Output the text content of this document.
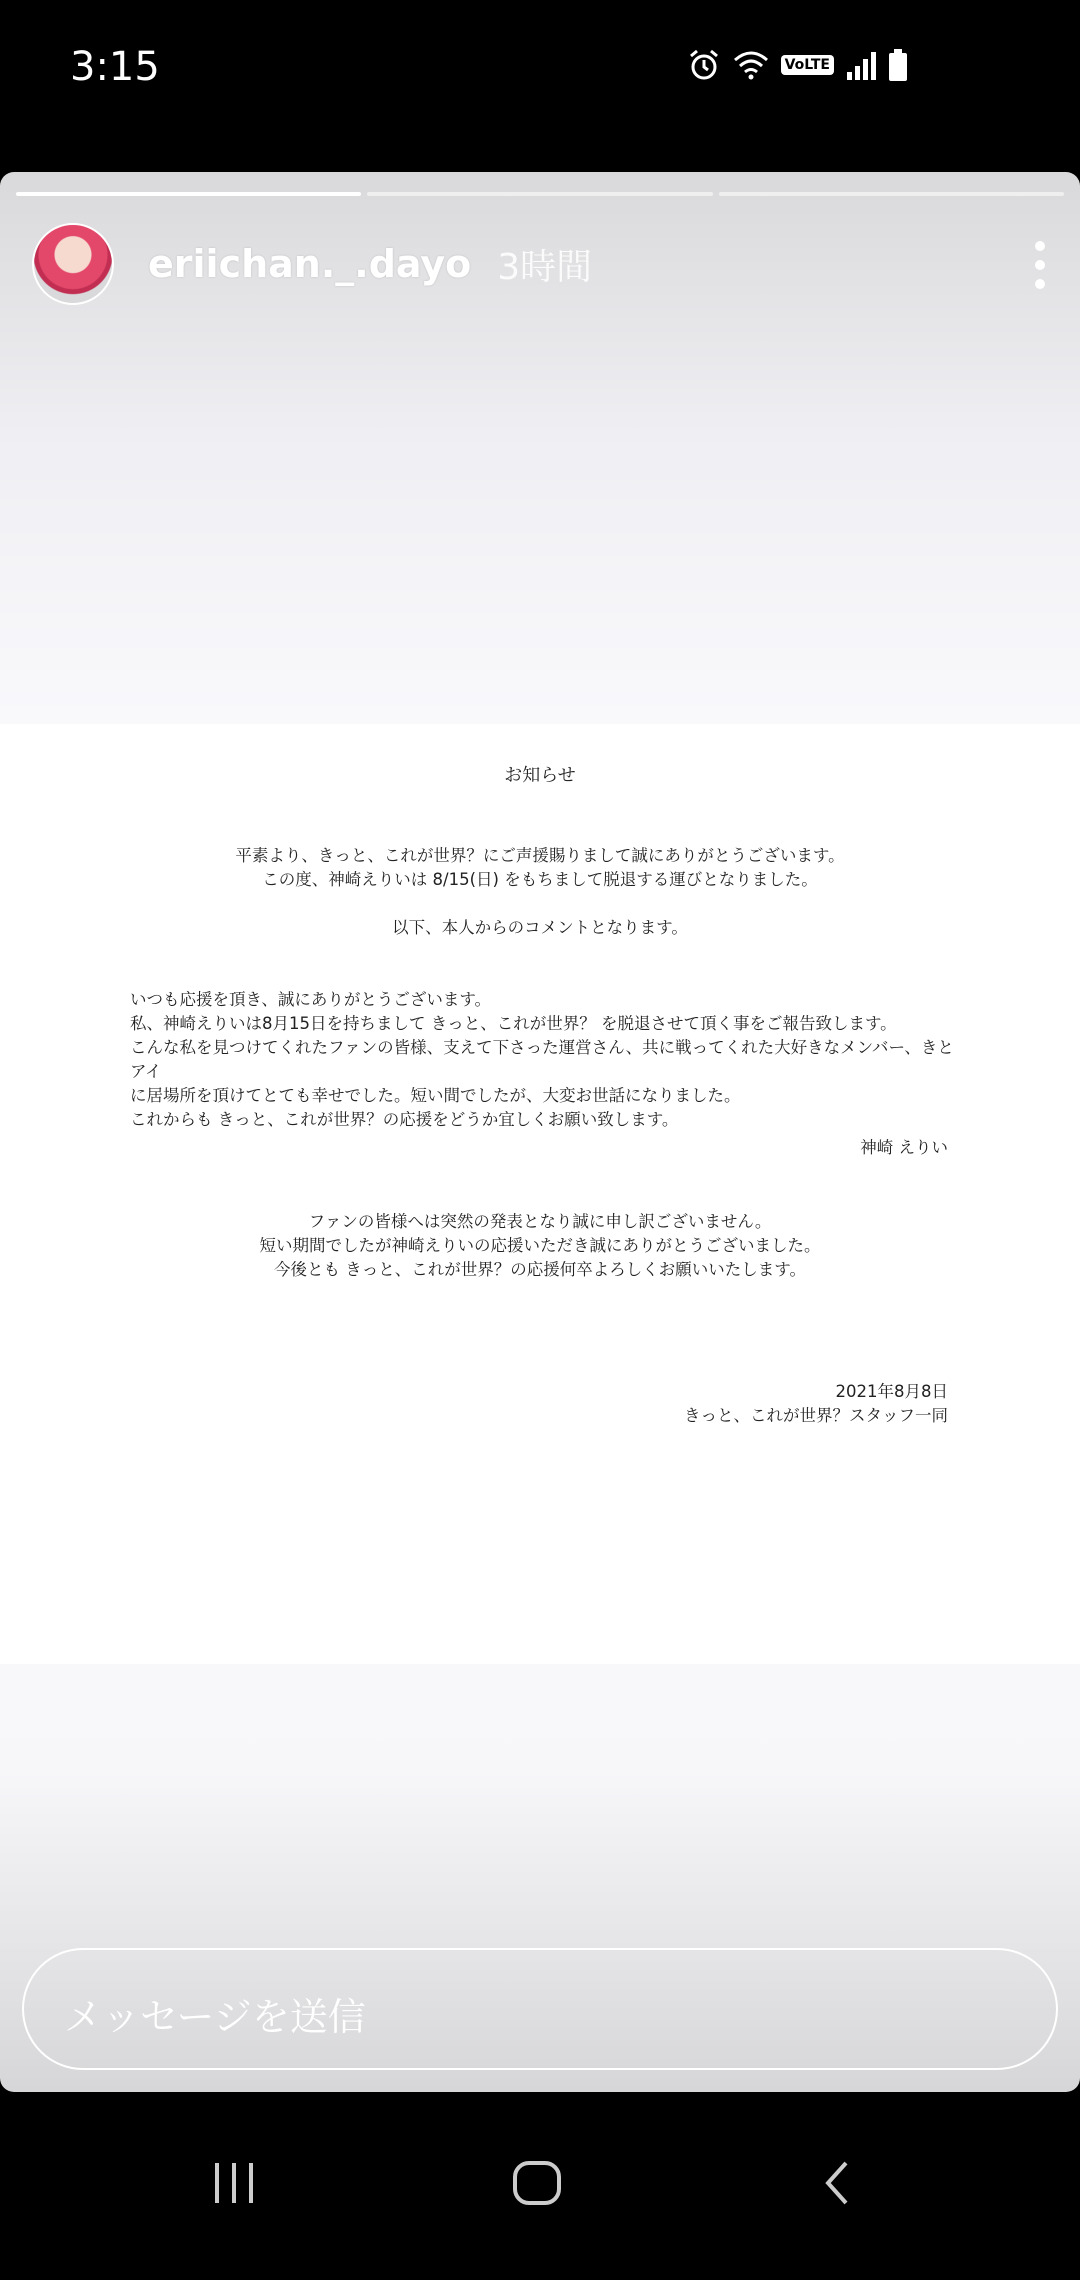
3:15	VoLTE
eriichan._.dayo 3時間
お知らせ
平素より、きっと、これが世界？にご声援賜りまして誠にありがとうございます。
この度、神崎えりいは 8/15(日) をもちまして脱退する運びとなりました。
以下、本人からのコメントとなります。
いつも応援を頂き、誠にありがとうございます。
私、神崎えりいは8月15日を持ちまして きっと、これが世界？ を脱退させて頂く事をご報告致します。
こんな私を見つけてくれたファンの皆様、支えて下さった運営さん、共に戦ってくれた大好きなメンバー、きとアイ
に居場所を頂けてとても幸せでした。短い間でしたが、大変お世話になりました。
これからも きっと、これが世界？の応援をどうか宜しくお願い致します。
神崎 えりい
ファンの皆様へは突然の発表となり誠に申し訳ございません。
短い期間でしたが神崎えりいの応援いただき誠にありがとうございました。
今後とも きっと、これが世界？の応援何卒よろしくお願いいたします。
2021年8月8日
きっと、これが世界？スタッフ一同
メッセージを送信
